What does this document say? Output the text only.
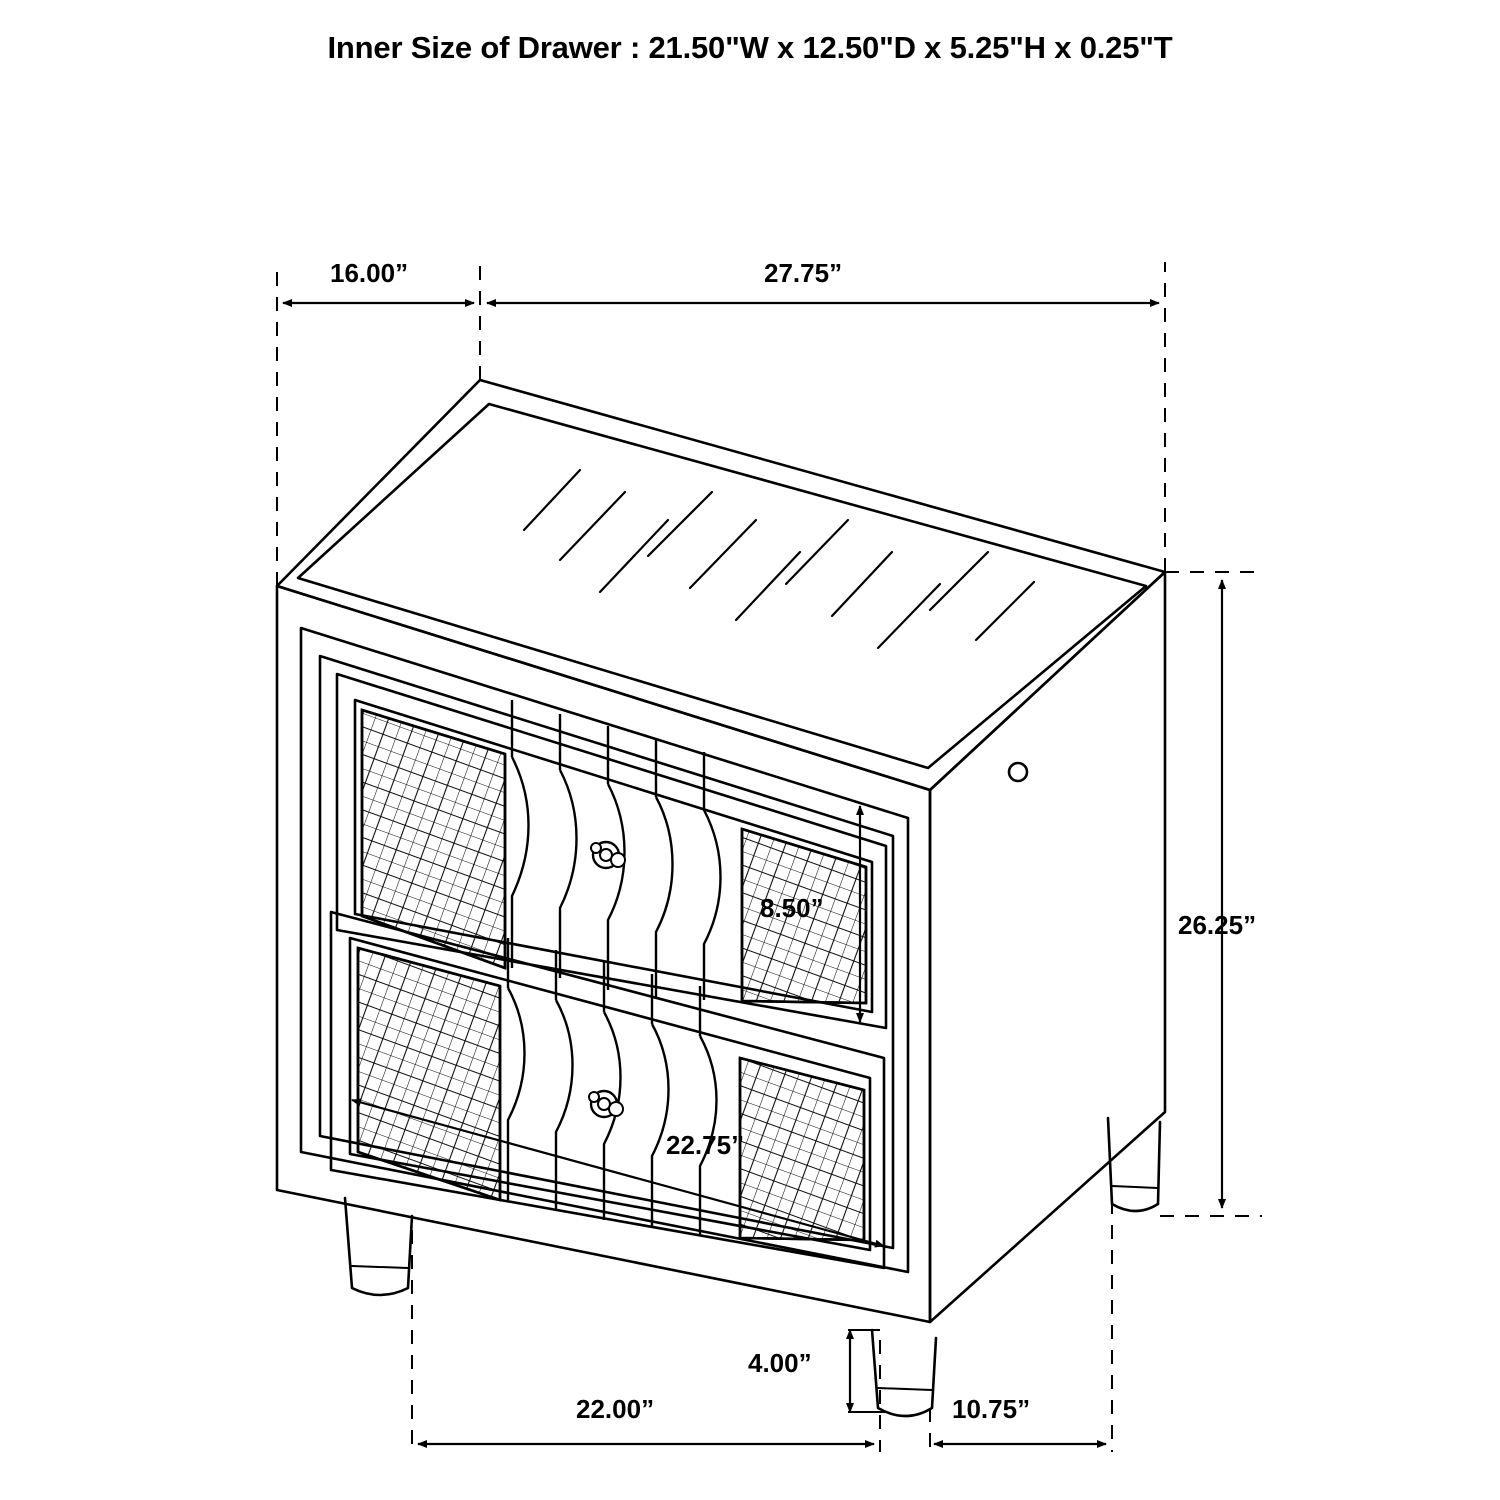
Inner Size of Drawer : 21.50"W x 12.50"D x 5.25"H x 0.25"T
16.00”	27.75”
26.25”
8.50”
22.75”
4.00”
22.00”	10.75”
